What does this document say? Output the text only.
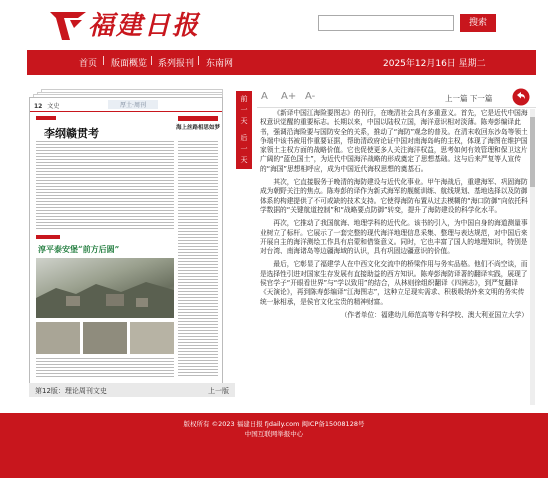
福建日报	搜索
首页 | 版面概览 | 系列报刊 | 东南网	2025年12月16日 星期二
12 文史	厚土·周刊
李纲赣贯考	海上丝路相思如梦
淳平泰安堡“前方后圆”
第12版：理论周刊文史	上一版
前
一
天
后
一
天
A A+ A-	上一篇 下一篇

《新译中国江海险要图志》的刊行，在晚清社会具有多重意义。首先，它是近代中国海权意识觉醒的重要标志。长期以来，中国以陆权立国，海洋意识相对淡薄。陈寿彭编译此书，强调沿海险要与国防安全的关系，推动了“海防”观念的普及。在清末收回东沙岛等领土争端中该书被用作重要证据，帮助清政府论证中国对南海岛屿的主权，体现了海图在维护国家领土主权方面的战略价值。它也促使更多人关注海洋权益，思考如何有效管理和保卫这片广阔的“蓝色国土”，为近代中国海洋战略的形成奠定了思想基础。这与后来严复等人宣传的“海国”思想相呼应，成为中国近代海权思想的奠基石。

其次，它直接服务于晚清的海防建设与近代化事业。甲午海战后，重建海军、巩固海防成为朝野关注的焦点。陈寿彭的译作为新式海军的舰艇训练、航线规划、基地选择以及防御体系的构建提供了不可或缺的技术支持。它使得海防布置从过去模糊的“海口防御”向依托科学数据的“关键航道控制”和“战略要点防御”转变，提升了海防建设的科学化水平。

再次，它推动了我国航海、地理学科的近代化。该书的引入，为中国自身的海道测量事业树立了标杆。它展示了一套完整的现代海洋地理信息采集、整理与表达规范，对中国后来开展自主的海洋测绘工作具有启蒙和借鉴意义。同时，它也丰富了国人的地理知识，特别是对台湾、南海诸岛等边疆海域的认识，具有巩固边疆意识的价值。

最后，它彰显了福建学人在中西文化交流中的桥梁作用与务实品格。他们不尚空谈，而是选择性引进对国家生存发展有直接助益的西方知识。陈寿彭海防译著的翻译实践，展现了侯官学子“开眼看世界”与“学以致用”的结合，从林则徐组织翻译《四洲志》，到严复翻译《天演论》，再到陈寿彭编译“江海图志”，这种立足现实需求、积极吸纳外来文明的务实传统一脉相承，是侯官文化宝贵的精神财富。

（作者单位：福建幼儿师范高等专科学校、澳大利亚国立大学）

版权所有 ©2023 福建日报 fjdaily.com 闽ICP备15008128号
中国互联网举报中心
